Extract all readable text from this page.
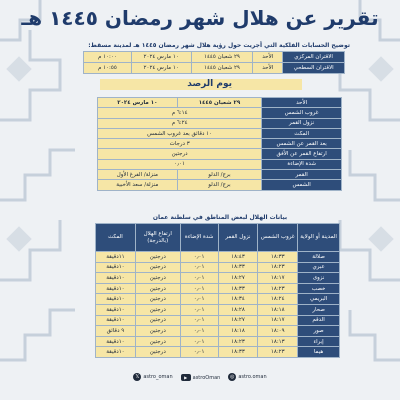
تقرير عن هلال شهر رمضان ١٤٤٥ هـ
توضيح الحسابات الفلكية التي أجريت حول رؤية هلال شهر رمضان ١٤٤٥ هـ لمدينة مسقط:
الاقتران المركزي	الأحد	٢٩ شعبان ١٤٤٥	١٠ مارس ٢٠٢٤	١٠:٠٠ م
الاقتران السطحي	الأحد	٢٩ شعبان ١٤٤٥	١٠ مارس ٢٠٢٤	١٠:٥٥ م
يوم الرصد
الأحد	٢٩ شعبان ١٤٤٥	١٠ مارس ٢٠٢٤
غروب الشمس	٦:١٤ م	
نزول القمر	٦:٢٤ م	
المكث	١٠ دقائق بعد غروب الشمس	
بعد القمر عن الشمس	٣ درجات	
ارتفاع القمر عن الأفق	درجتين	
شدة الإضاءة	٠٫٠١	
القمر	برج/ الدلو	منزلة/ الفرغ الأول
الشمس	برج/ الدلو	منزلة/ سعد الأخبية
بيانات الهلال لبعض المناطق في سلطنة عمان
المدينة أو الولاية	غروب الشمس	نزول القمر	شدة الإضاءة	ارتفاع الهلال (بالدرجة)	المكث
صلالة	١٨:٣٣	١٨:٤٣	٠٫٠١	درجتين	١١دقيقة
عبري	١٨:٢٣	١٨:٣٣	٠٫٠١	درجتين	١٠دقيقة
نزوى	١٨:١٧	١٨:٢٧	٠٫٠١	درجتين	١٠دقيقة
خصب	١٨:٢٣	١٨:٣٣	٠٫٠١	درجتين	١٠دقيقة
البريمي	١٨:٢٤	١٨:٣٤	٠٫٠١	درجتين	١٠دقيقة
صحار	١٨:١٨	١٨:٢٨	٠٫٠١	درجتين	١٠دقيقة
الدقم	١٨:١٧	١٨:٢٧	٠٫٠١	درجتين	١٠دقيقة
صور	١٨:٠٩	١٨:١٨	٠٫٠١	درجتين	٩ دقائق
إبراء	١٨:١٣	١٨:٢٣	٠٫٠١	درجتين	١٠دقيقة
هيما	١٨:٢٣	١٨:٣٣	٠٫٠١	درجتين	١٠دقيقة
𝕏 astro_oman	▶ astroOman	◎ astro.oman
